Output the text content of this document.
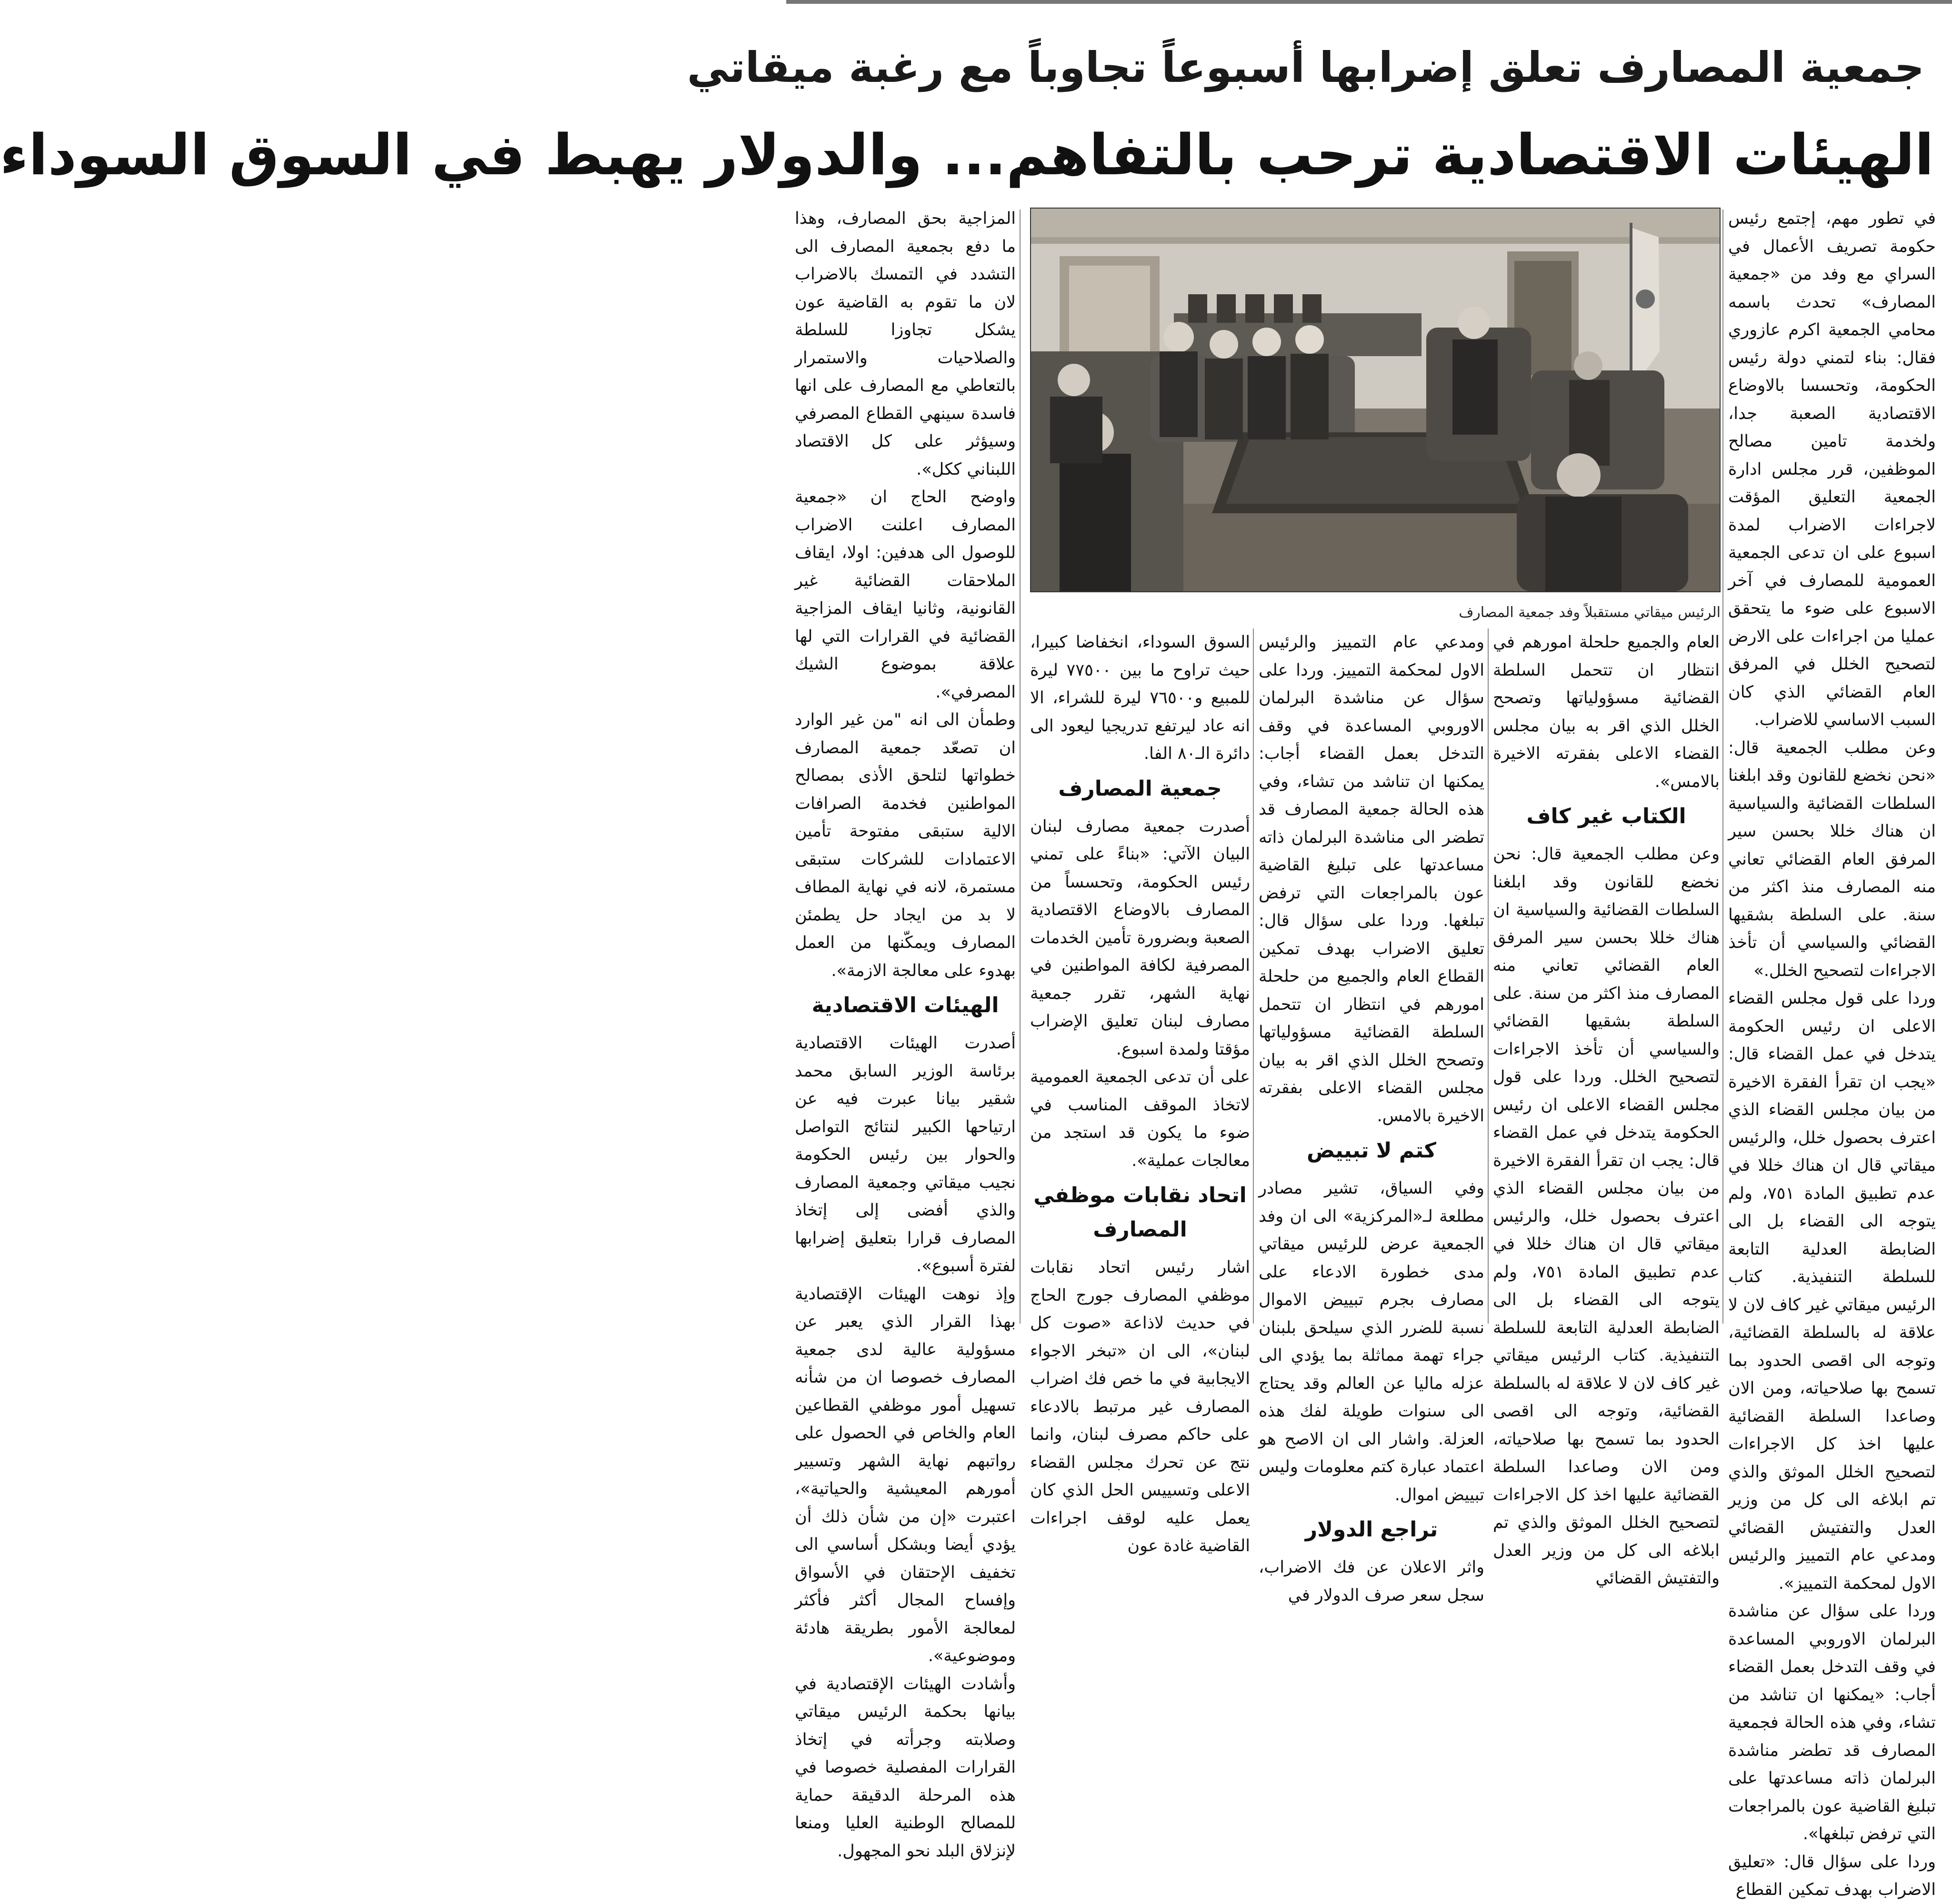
جمعية المصارف تعلق إضرابها أسبوعاً تجاوباً مع رغبة ميقاتي
الهيئات الاقتصادية ترحب بالتفاهم... والدولار يهبط في السوق السوداء
الرئيس ميقاتي مستقبلاً وفد جمعية المصارف

في تطور مهم، إجتمع رئيس حكومة تصريف الأعمال في السراي مع وفد من «جمعية المصارف» تحدث باسمه محامي الجمعية اكرم عازوري فقال: بناء لتمني دولة رئيس الحكومة، وتحسسا بالاوضاع الاقتصادية الصعبة جدا، ولخدمة تامين مصالح الموظفين، قرر مجلس ادارة الجمعية التعليق المؤقت لاجراءات الاضراب لمدة اسبوع على ان تدعى الجمعية العمومية للمصارف في آخر الاسبوع على ضوء ما يتحقق عمليا من اجراءات على الارض لتصحيح الخلل في المرفق العام القضائي الذي كان السبب الاساسي للاضراب.

وعن مطلب الجمعية قال: «نحن نخضع للقانون وقد ابلغنا السلطات القضائية والسياسية ان هناك خللا بحسن سير المرفق العام القضائي تعاني منه المصارف منذ اكثر من سنة. على السلطة بشقيها القضائي والسياسي أن تأخذ الاجراءات لتصحيح الخلل.»

وردا على قول مجلس القضاء الاعلى ان رئيس الحكومة يتدخل في عمل القضاء قال: «يجب ان تقرأ الفقرة الاخيرة من بيان مجلس القضاء الذي اعترف بحصول خلل، والرئيس ميقاتي قال ان هناك خللا في عدم تطبيق المادة ٧٥١، ولم يتوجه الى القضاء بل الى الضابطة العدلية التابعة للسلطة التنفيذية. كتاب الرئيس ميقاتي غير كاف لان لا علاقة له بالسلطة القضائية، وتوجه الى اقصى الحدود بما تسمح بها صلاحياته، ومن الان وصاعدا السلطة القضائية عليها اخذ كل الاجراءات لتصحيح الخلل الموثق والذي تم ابلاغه الى كل من وزير العدل والتفتيش القضائي ومدعي عام التمييز والرئيس الاول لمحكمة التمييز».

وردا على سؤال عن مناشدة البرلمان الاوروبي المساعدة في وقف التدخل بعمل القضاء أجاب: «يمكنها ان تناشد من تشاء، وفي هذه الحالة فجمعية المصارف قد تطضر مناشدة البرلمان ذاته مساعدتها على تبليغ القاضية عون بالمراجعات التي ترفض تبلغها».

وردا على سؤال قال: «تعليق الاضراب بهدف تمكين القطاع

العام والجميع حلحلة امورهم في انتظار ان تتحمل السلطة القضائية مسؤولياتها وتصحح الخلل الذي اقر به بيان مجلس القضاء الاعلى بفقرته الاخيرة بالامس».

الكتاب غير كاف

وعن مطلب الجمعية قال: نحن نخضع للقانون وقد ابلغنا السلطات القضائية والسياسية ان هناك خللا بحسن سير المرفق العام القضائي تعاني منه المصارف منذ اكثر من سنة. على السلطة بشقيها القضائي والسياسي أن تأخذ الاجراءات لتصحيح الخلل. وردا على قول مجلس القضاء الاعلى ان رئيس الحكومة يتدخل في عمل القضاء قال: يجب ان تقرأ الفقرة الاخيرة من بيان مجلس القضاء الذي اعترف بحصول خلل، والرئيس ميقاتي قال ان هناك خللا في عدم تطبيق المادة ٧٥١، ولم يتوجه الى القضاء بل الى الضابطة العدلية التابعة للسلطة التنفيذية. كتاب الرئيس ميقاتي غير كاف لان لا علاقة له بالسلطة القضائية، وتوجه الى اقصى الحدود بما تسمح بها صلاحياته، ومن الان وصاعدا السلطة القضائية عليها اخذ كل الاجراءات لتصحيح الخلل الموثق والذي تم ابلاغه الى كل من وزير العدل والتفتيش القضائي

ومدعي عام التمييز والرئيس الاول لمحكمة التمييز. وردا على سؤال عن مناشدة البرلمان الاوروبي المساعدة في وقف التدخل بعمل القضاء أجاب: يمكنها ان تناشد من تشاء، وفي هذه الحالة جمعية المصارف قد تطضر الى مناشدة البرلمان ذاته مساعدتها على تبليغ القاضية عون بالمراجعات التي ترفض تبلغها. وردا على سؤال قال: تعليق الاضراب بهدف تمكين القطاع العام والجميع من حلحلة امورهم في انتظار ان تتحمل السلطة القضائية مسؤولياتها وتصحح الخلل الذي اقر به بيان مجلس القضاء الاعلى بفقرته الاخيرة بالامس.

كتم لا تبييض

وفي السياق، تشير مصادر مطلعة لـ«المركزية» الى ان وفد الجمعية عرض للرئيس ميقاتي مدى خطورة الادعاء على مصارف بجرم تبييض الاموال نسبة للضرر الذي سيلحق بلبنان جراء تهمة مماثلة بما يؤدي الى عزله ماليا عن العالم وقد يحتاج الى سنوات طويلة لفك هذه العزلة. واشار الى ان الاصح هو اعتماد عبارة كتم معلومات وليس تبييض اموال.

تراجع الدولار

واثر الاعلان عن فك الاضراب، سجل سعر صرف الدولار في

السوق السوداء، انخفاضا كبيرا، حيث تراوح ما بين ٧٧٥٠٠ ليرة للمبيع و٧٦٥٠٠ ليرة للشراء، الا انه عاد ليرتفع تدريجيا ليعود الى دائرة الـ٨٠ الفا.

جمعية المصارف

أصدرت جمعية مصارف لبنان البيان الآتي: «بناءً على تمني رئيس الحكومة، وتحسساً من المصارف بالاوضاع الاقتصادية الصعبة وبضرورة تأمين الخدمات المصرفية لكافة المواطنين في نهاية الشهر، تقرر جمعية مصارف لبنان تعليق الإضراب مؤقتا ولمدة اسبوع.

على أن تدعى الجمعية العمومية لاتخاذ الموقف المناسب في ضوء ما يكون قد استجد من معالجات عملية».

اتحاد نقابات موظفي المصارف

اشار رئيس اتحاد نقابات موظفي المصارف جورج الحاج في حديث لاذاعة «صوت كل لبنان»، الى ان «تبخر الاجواء الايجابية في ما خص فك اضراب المصارف غير مرتبط بالادعاء على حاكم مصرف لبنان، وانما نتج عن تحرك مجلس القضاء الاعلى وتسييس الحل الذي كان يعمل عليه لوقف اجراءات القاضية غادة عون

المزاجية بحق المصارف، وهذا ما دفع بجمعية المصارف الى التشدد في التمسك بالاضراب لان ما تقوم به القاضية عون يشكل تجاوزا للسلطة والصلاحيات والاستمرار بالتعاطي مع المصارف على انها فاسدة سينهي القطاع المصرفي وسيؤثر على كل الاقتصاد اللبناني ككل».

واوضح الحاج ان «جمعية المصارف اعلنت الاضراب للوصول الى هدفين: اولا، ايقاف الملاحقات القضائية غير القانونية، وثانيا ايقاف المزاجية القضائية في القرارات التي لها علاقة بموضوع الشيك المصرفي».

وطمأن الى انه "من غير الوارد ان تصعّد جمعية المصارف خطواتها لتلحق الأذى بمصالح المواطنين فخدمة الصرافات الالية ستبقى مفتوحة تأمين الاعتمادات للشركات ستبقى مستمرة، لانه في نهاية المطاف لا بد من ايجاد حل يطمئن المصارف ويمكّنها من العمل بهدوء على معالجة الازمة».

الهيئات الاقتصادية

أصدرت الهيئات الاقتصادية برئاسة الوزير السابق محمد شقير بيانا عبرت فيه عن ارتياحها الكبير لنتائج التواصل والحوار بين رئيس الحكومة نجيب ميقاتي وجمعية المصارف والذي أفضى إلى إتخاذ المصارف قرارا بتعليق إضرابها لفترة أسبوع».

وإذ نوهت الهيئات الإقتصادية بهذا القرار الذي يعبر عن مسؤولية عالية لدى جمعية المصارف خصوصا ان من شأنه تسهيل أمور موظفي القطاعين العام والخاص في الحصول على رواتبهم نهاية الشهر وتسيير أمورهم المعيشية والحياتية»، اعتبرت «إن من شأن ذلك أن يؤدي أيضا وبشكل أساسي الى تخفيف الإحتقان في الأسواق وإفساح المجال أكثر فأكثر لمعالجة الأمور بطريقة هادئة وموضوعية».

وأشادت الهيئات الإقتصادية في بيانها بحكمة الرئيس ميقاتي وصلابته وجرأته في إتخاذ القرارات المفصلية خصوصا في هذه المرحلة الدقيقة حماية للمصالح الوطنية العليا ومنعا لإنزلاق البلد نحو المجهول.
